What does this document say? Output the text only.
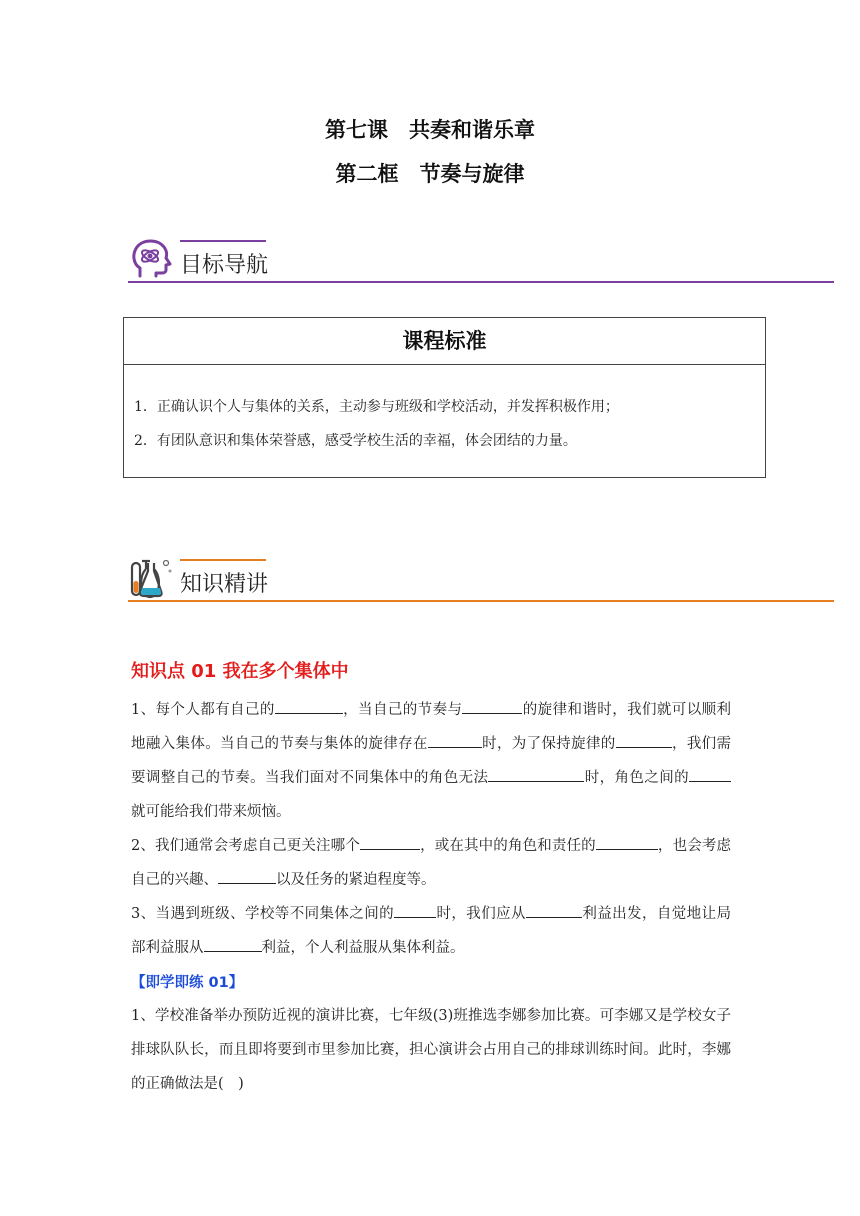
第七课　共奏和谐乐章
第二框　节奏与旋律
目标导航
课程标准
1．正确认识个人与集体的关系，主动参与班级和学校活动，并发挥积极作用；
2．有团队意识和集体荣誉感，感受学校生活的幸福，体会团结的力量。
知识精讲
知识点 01 我在多个集体中
1、每个人都有自己的	，当自己的节奏与	的旋律和谐时，我们就可以顺利地融入集体。当自己的节奏与集体的旋律存在	时，为了保持旋律的	，我们需要调整自己的节奏。当我们面对不同集体中的角色无法	时，角色之间的就可能给我们带来烦恼。
2、我们通常会考虑自己更关注哪个	，或在其中的角色和责任的	，也会考虑自己的兴趣、	以及任务的紧迫程度等。
3、当遇到班级、学校等不同集体之间的	时，我们应从	利益出发，自觉地让局部利益服从	利益，个人利益服从集体利益。
【即学即练 01】
1、学校准备举办预防近视的演讲比赛，七年级(3)班推选李娜参加比赛。可李娜又是学校女子排球队队长，而且即将要到市里参加比赛，担心演讲会占用自己的排球训练时间。此时，李娜的正确做法是(　)
